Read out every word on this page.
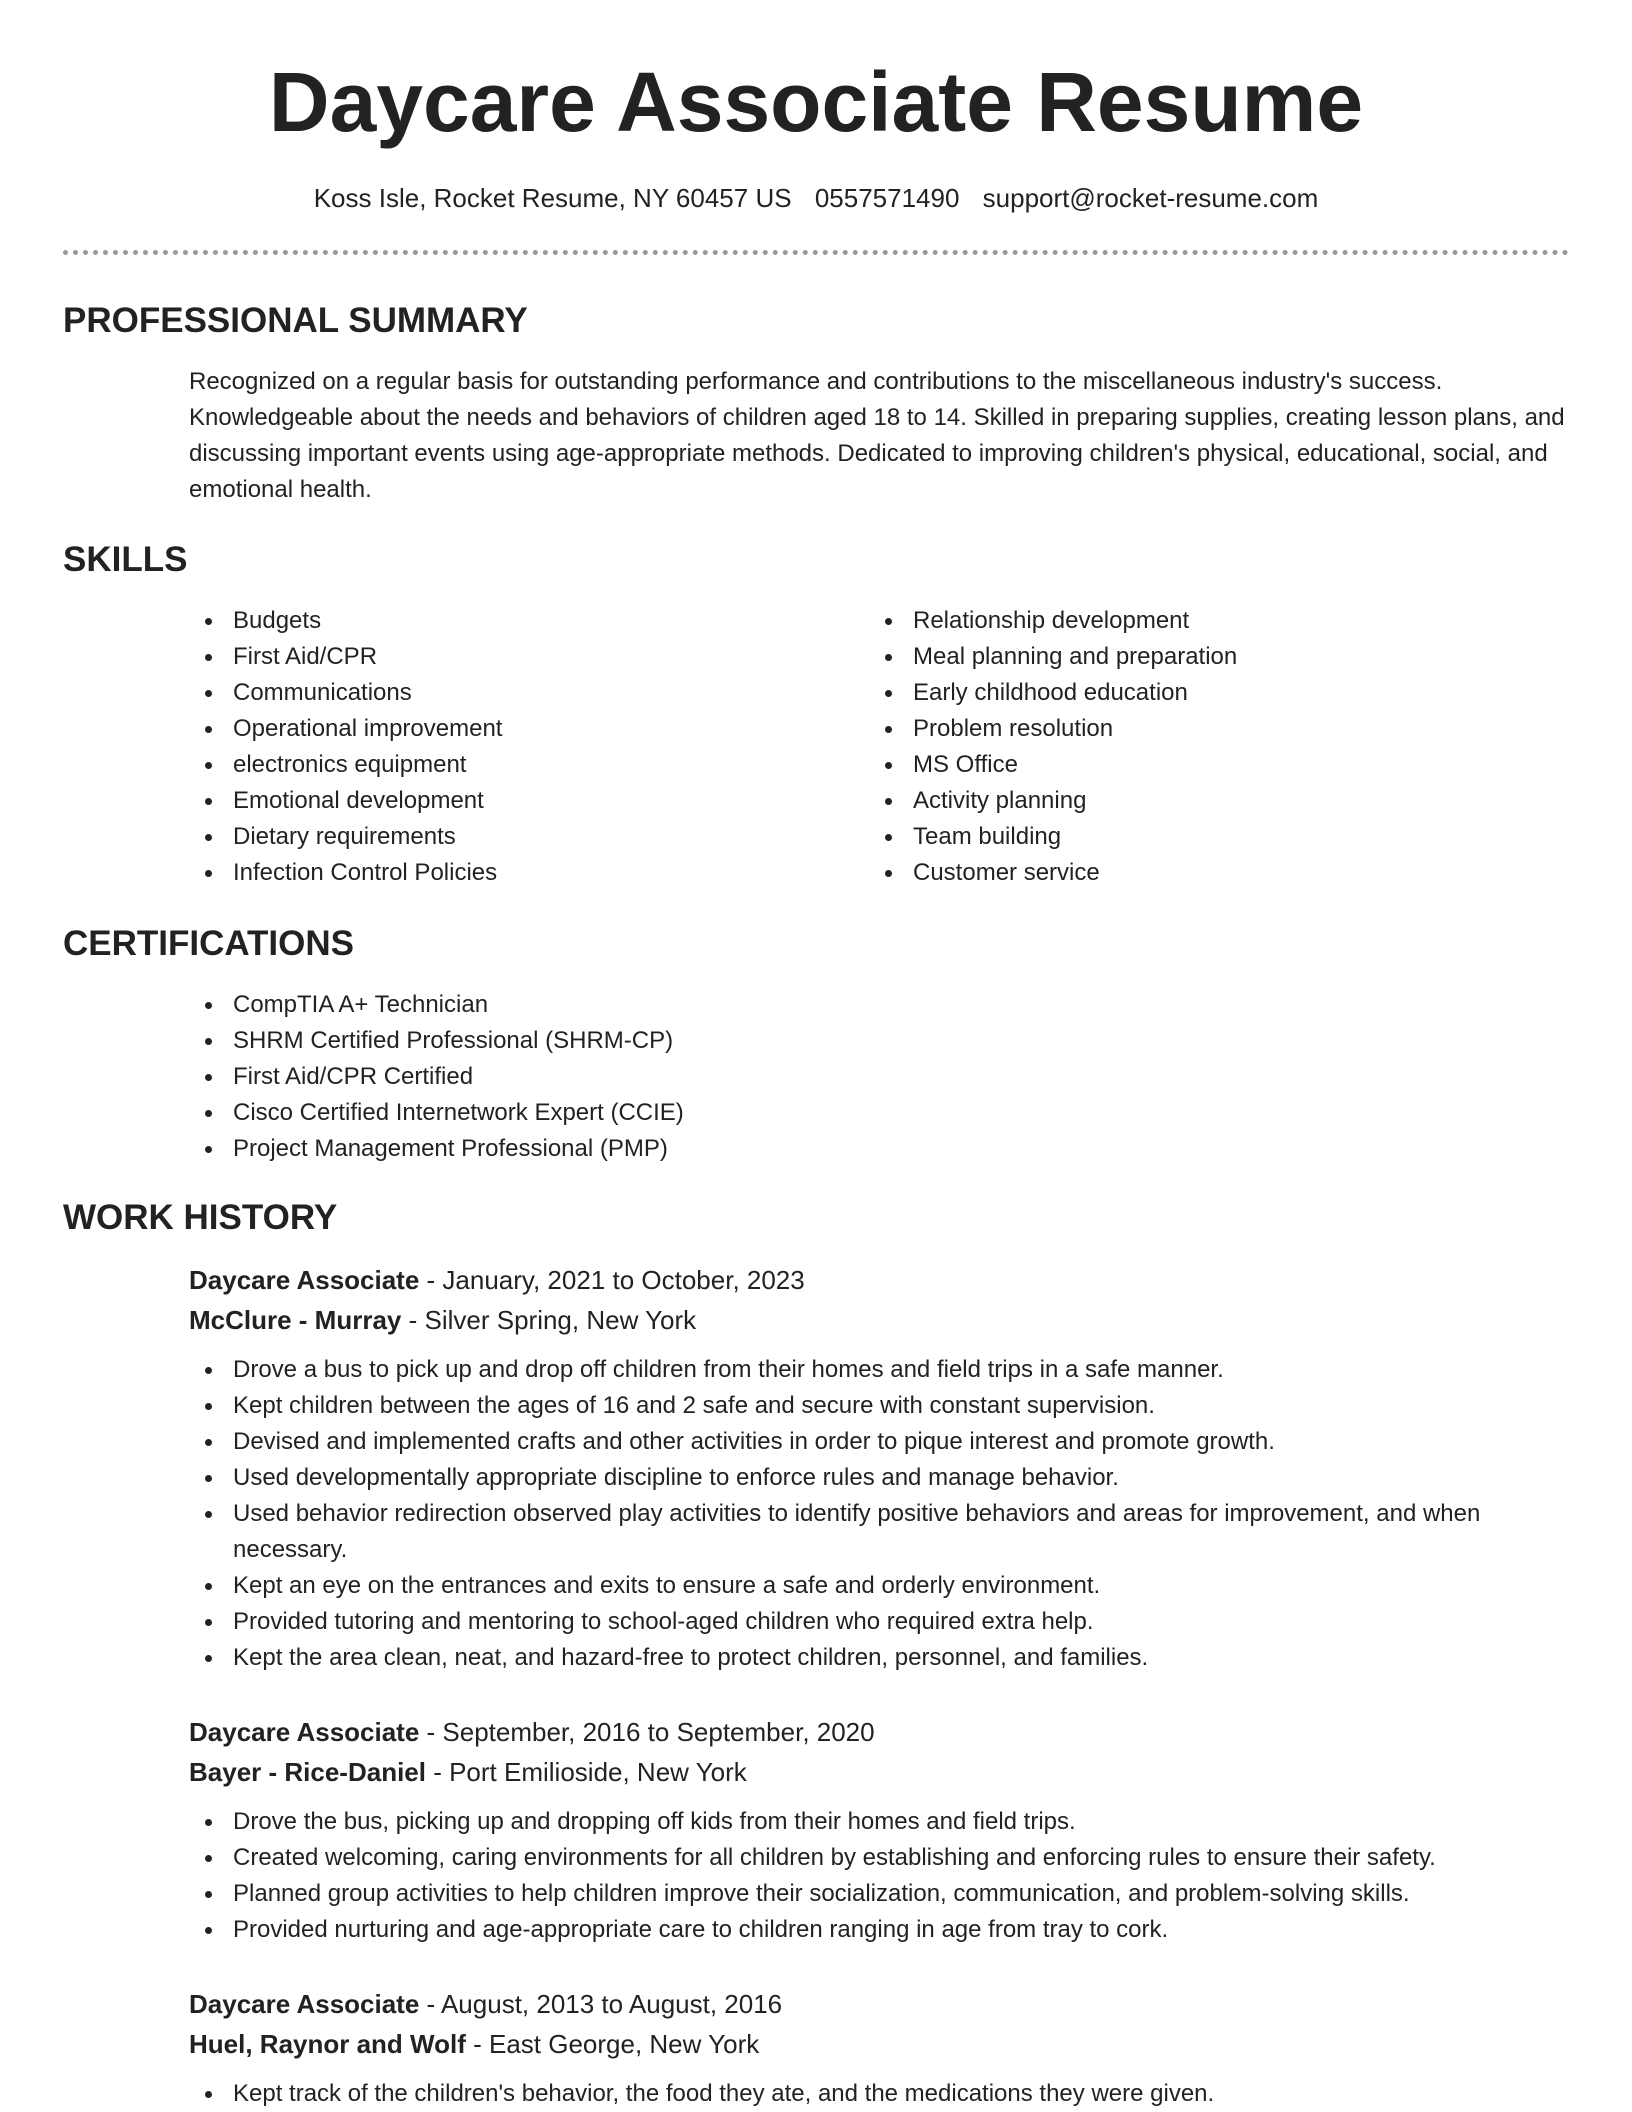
Daycare Associate Resume
Koss Isle, Rocket Resume, NY 60457 US 0557571490 support@rocket-resume.com
PROFESSIONAL SUMMARY

Recognized on a regular basis for outstanding performance and contributions to the miscellaneous industry's success. Knowledgeable about the needs and behaviors of children aged 18 to 14. Skilled in preparing supplies, creating lesson plans, and discussing important events using age-appropriate methods. Dedicated to improving children's physical, educational, social, and emotional health.

SKILLS
Budgets
First Aid/CPR
Communications
Operational improvement
electronics equipment
Emotional development
Dietary requirements
Infection Control Policies
Relationship development
Meal planning and preparation
Early childhood education
Problem resolution
MS Office
Activity planning
Team building
Customer service
CERTIFICATIONS
CompTIA A+ Technician
SHRM Certified Professional (SHRM-CP)
First Aid/CPR Certified
Cisco Certified Internetwork Expert (CCIE)
Project Management Professional (PMP)
WORK HISTORY
Daycare Associate - January, 2021 to October, 2023
McClure - Murray - Silver Spring, New York
Drove a bus to pick up and drop off children from their homes and field trips in a safe manner.
Kept children between the ages of 16 and 2 safe and secure with constant supervision.
Devised and implemented crafts and other activities in order to pique interest and promote growth.
Used developmentally appropriate discipline to enforce rules and manage behavior.
Used behavior redirection observed play activities to identify positive behaviors and areas for improvement, and when necessary.
Kept an eye on the entrances and exits to ensure a safe and orderly environment.
Provided tutoring and mentoring to school-aged children who required extra help.
Kept the area clean, neat, and hazard-free to protect children, personnel, and families.
Daycare Associate - September, 2016 to September, 2020
Bayer - Rice-Daniel - Port Emilioside, New York
Drove the bus, picking up and dropping off kids from their homes and field trips.
Created welcoming, caring environments for all children by establishing and enforcing rules to ensure their safety.
Planned group activities to help children improve their socialization, communication, and problem-solving skills.
Provided nurturing and age-appropriate care to children ranging in age from tray to cork.
Daycare Associate - August, 2013 to August, 2016
Huel, Raynor and Wolf - East George, New York
Kept track of the children's behavior, the food they ate, and the medications they were given.
